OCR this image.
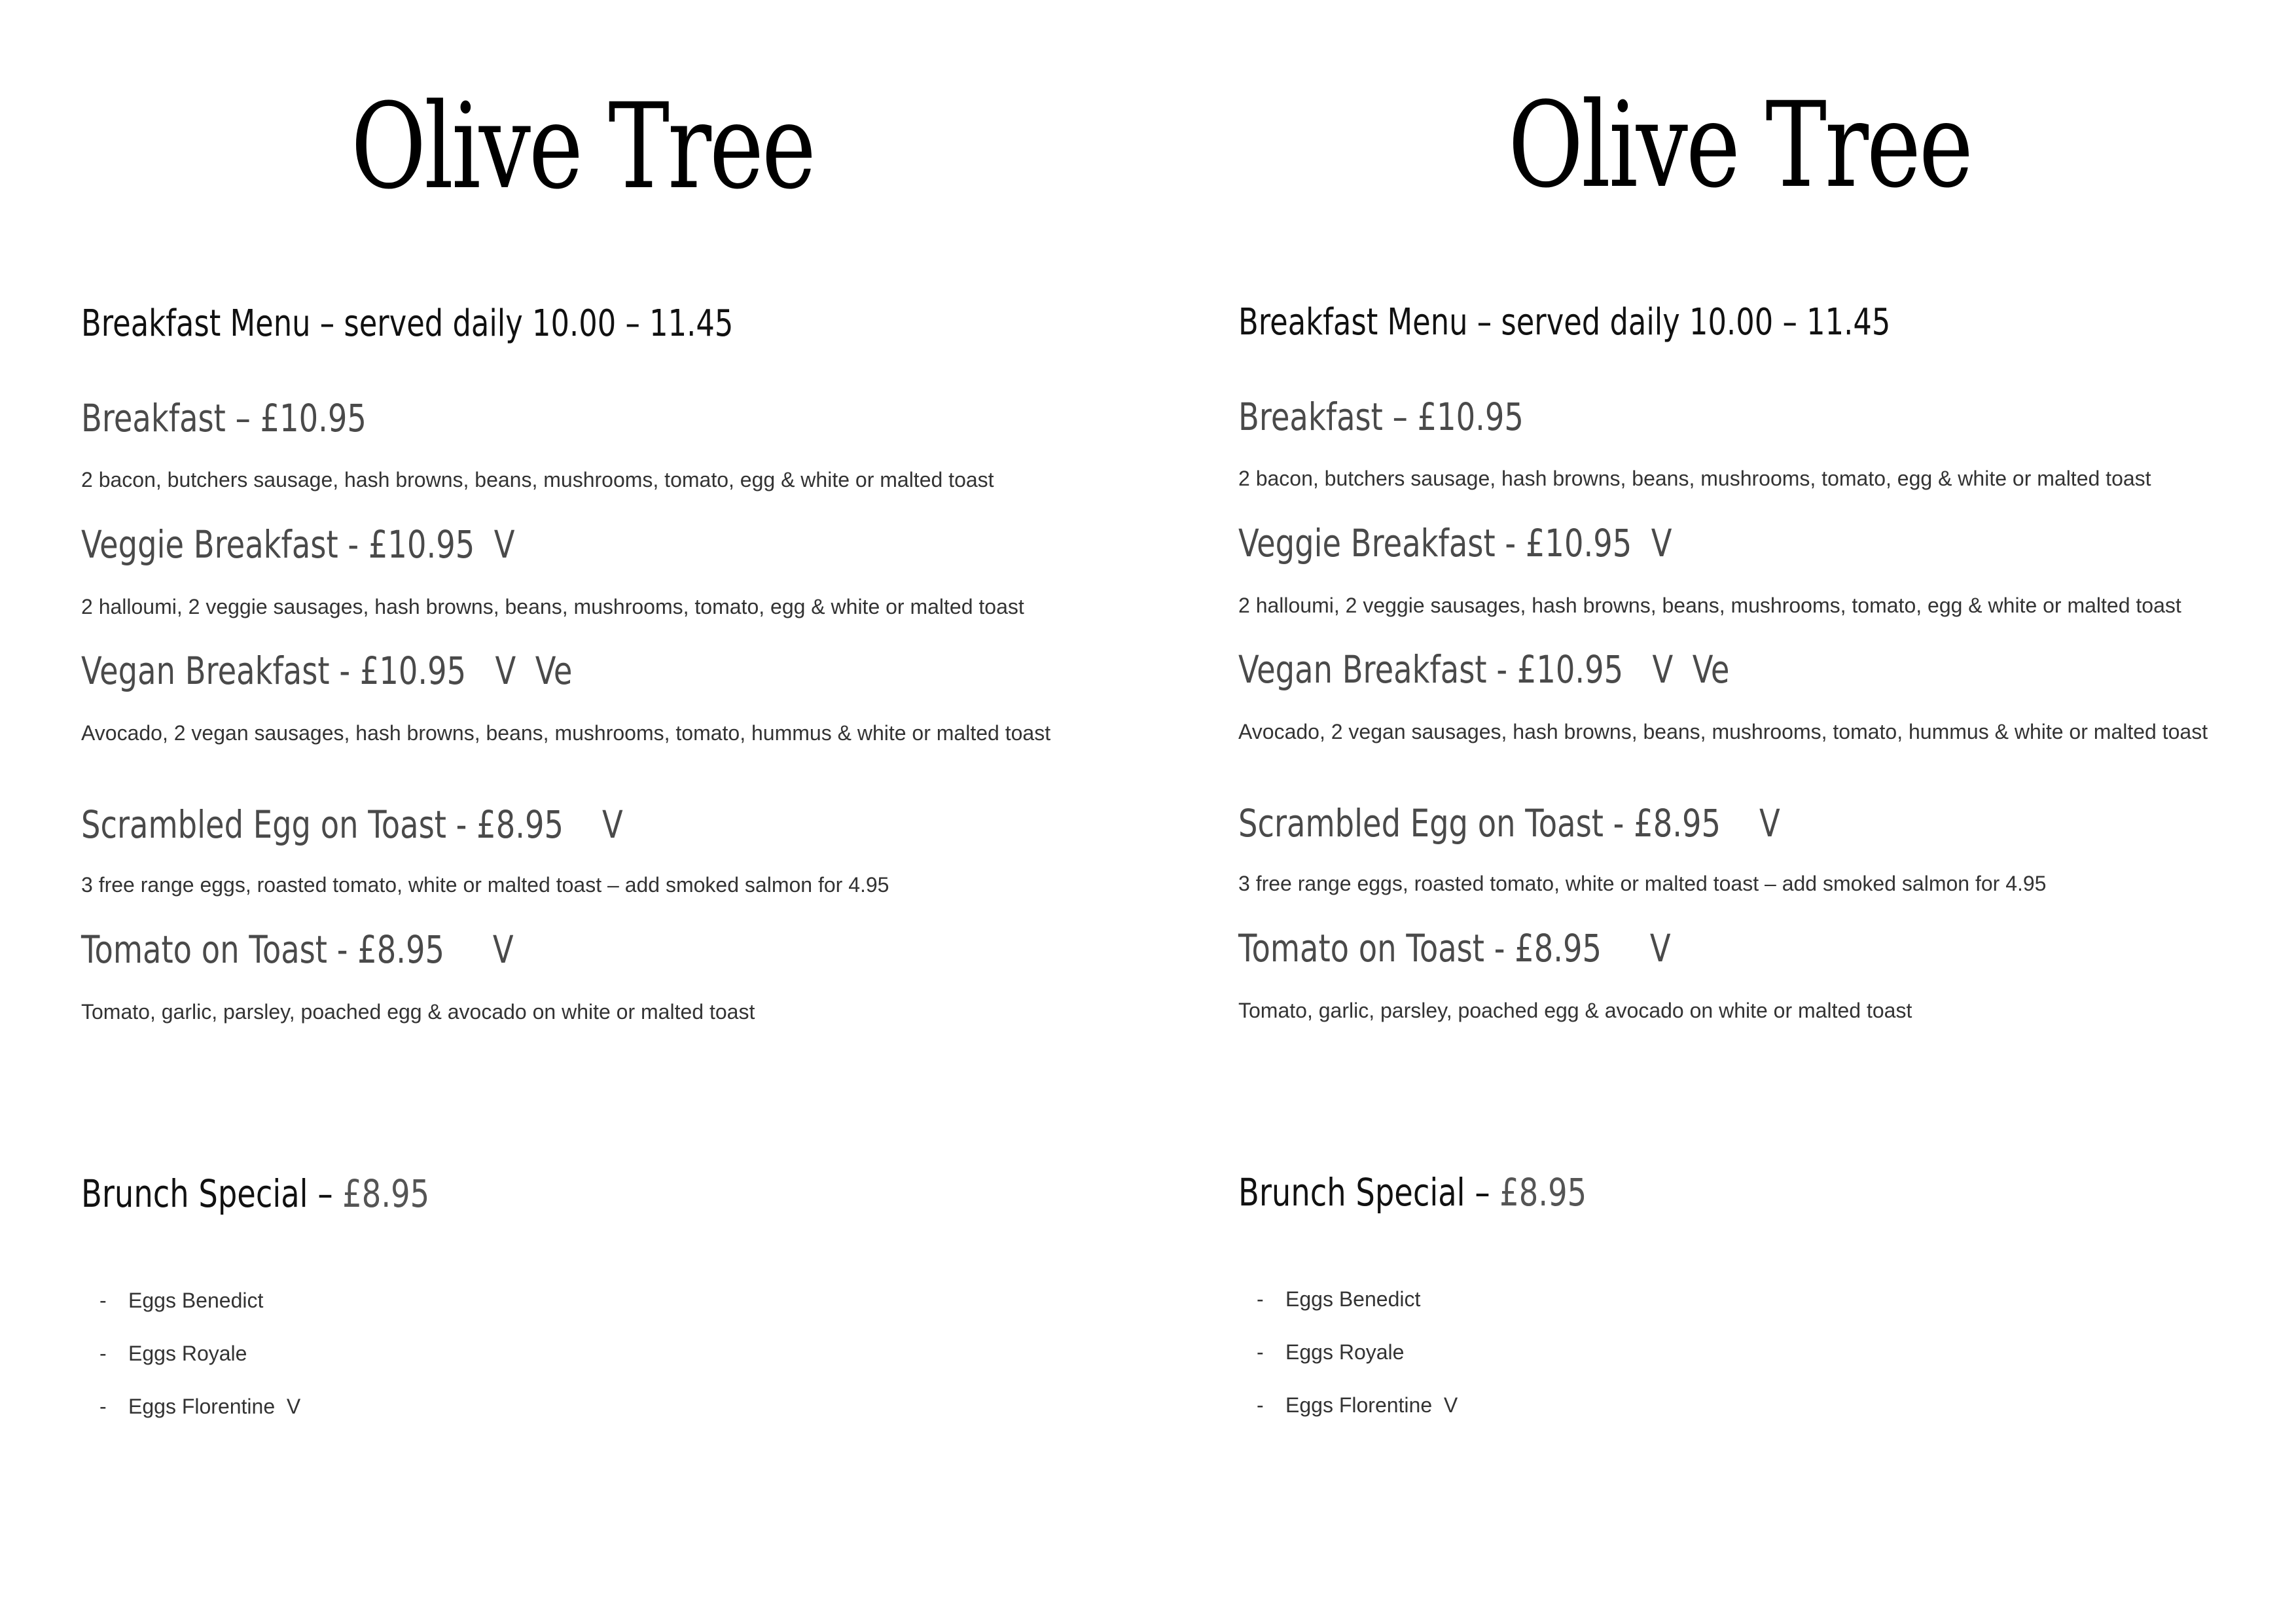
Olive Tree
Breakfast Menu – served daily 10.00 – 11.45
Breakfast – £10.95
2 bacon, butchers sausage, hash browns, beans, mushrooms, tomato, egg & white or malted toast
Veggie Breakfast - £10.95  V
2 halloumi, 2 veggie sausages, hash browns, beans, mushrooms, tomato, egg & white or malted toast
Vegan Breakfast - £10.95   V  Ve
Avocado, 2 vegan sausages, hash browns, beans, mushrooms, tomato, hummus & white or malted toast
Scrambled Egg on Toast - £8.95    V
3 free range eggs, roasted tomato, white or malted toast – add smoked salmon for 4.95
Tomato on Toast - £8.95     V
Tomato, garlic, parsley, poached egg & avocado on white or malted toast
Brunch Special – £8.95
- Eggs Benedict
- Eggs Royale
- Eggs Florentine  V
Olive Tree
Breakfast Menu – served daily 10.00 – 11.45
Breakfast – £10.95
2 bacon, butchers sausage, hash browns, beans, mushrooms, tomato, egg & white or malted toast
Veggie Breakfast - £10.95  V
2 halloumi, 2 veggie sausages, hash browns, beans, mushrooms, tomato, egg & white or malted toast
Vegan Breakfast - £10.95   V  Ve
Avocado, 2 vegan sausages, hash browns, beans, mushrooms, tomato, hummus & white or malted toast
Scrambled Egg on Toast - £8.95    V
3 free range eggs, roasted tomato, white or malted toast – add smoked salmon for 4.95
Tomato on Toast - £8.95     V
Tomato, garlic, parsley, poached egg & avocado on white or malted toast
Brunch Special – £8.95
- Eggs Benedict
- Eggs Royale
- Eggs Florentine  V
